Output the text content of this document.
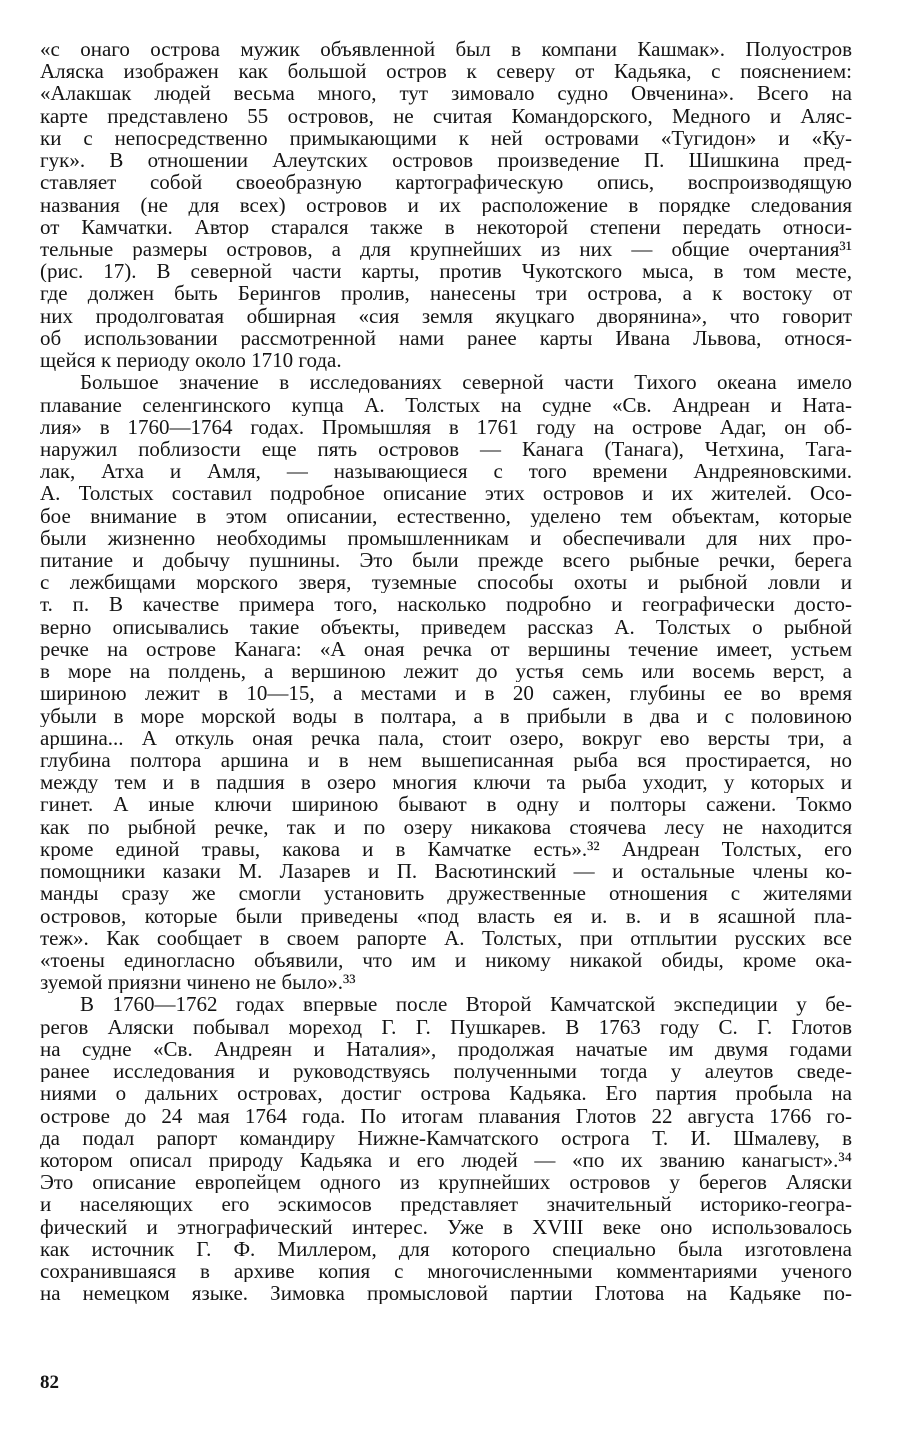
«с онаго острова мужик объявленной был в компани Кашмак». Полуостров
Аляска изображен как большой остров к северу от Кадьяка, с пояснением:
«Алакшак людей весьма много, тут зимовало судно Овченина». Всего на
карте представлено 55 островов, не считая Командорского, Медного и Аляс-
ки с непосредственно примыкающими к ней островами «Тугидон» и «Ку-
гук». В отношении Алеутских островов произведение П. Шишкина пред-
ставляет собой своеобразную картографическую опись, воспроизводящую
названия (не для всех) островов и их расположение в порядке следования
от Камчатки. Автор старался также в некоторой степени передать относи-
тельные размеры островов, а для крупнейших из них — общие очертания³¹
(рис. 17). В северной части карты, против Чукотского мыса, в том месте,
где должен быть Берингов пролив, нанесены три острова, а к востоку от
них продолговатая обширная «сия земля якуцкаго дворянина», что говорит
об использовании рассмотренной нами ранее карты Ивана Львова, относя-
щейся к периоду около 1710 года.
Большое значение в исследованиях северной части Тихого океана имело
плавание селенгинского купца А. Толстых на судне «Св. Андреан и Ната-
лия» в 1760—1764 годах. Промышляя в 1761 году на острове Адаг, он об-
наружил поблизости еще пять островов — Канага (Танага), Четхина, Тага-
лак, Атха и Амля, — называющиеся с того времени Андреяновскими.
А. Толстых составил подробное описание этих островов и их жителей. Осо-
бое внимание в этом описании, естественно, уделено тем объектам, которые
были жизненно необходимы промышленникам и обеспечивали для них про-
питание и добычу пушнины. Это были прежде всего рыбные речки, берега
с лежбищами морского зверя, туземные способы охоты и рыбной ловли и
т. п. В качестве примера того, насколько подробно и географически досто-
верно описывались такие объекты, приведем рассказ А. Толстых о рыбной
речке на острове Канага: «А оная речка от вершины течение имеет, устьем
в море на полдень, а вершиною лежит до устья семь или восемь верст, а
шириною лежит в 10—15, а местами и в 20 сажен, глубины ее во время
убыли в море морской воды в полтара, а в прибыли в два и с половиною
аршина... А откуль оная речка пала, стоит озеро, вокруг ево версты три, а
глубина полтора аршина и в нем вышеписанная рыба вся простирается, но
между тем и в падшия в озеро многия ключи та рыба уходит, у которых и
гинет. А иные ключи шириною бывают в одну и полторы сажени. Токмо
как по рыбной речке, так и по озеру никакова стоячева лесу не находится
кроме единой травы, какова и в Камчатке есть».³² Андреан Толстых, его
помощники казаки М. Лазарев и П. Васютинский — и остальные члены ко-
манды сразу же смогли установить дружественные отношения с жителями
островов, которые были приведены «под власть ея и. в. и в ясашной пла-
теж». Как сообщает в своем рапорте А. Толстых, при отплытии русских все
«тоены единогласно объявили, что им и никому никакой обиды, кроме ока-
зуемой приязни чинено не было».³³
В 1760—1762 годах впервые после Второй Камчатской экспедиции у бе-
регов Аляски побывал мореход Г. Г. Пушкарев. В 1763 году С. Г. Глотов
на судне «Св. Андреян и Наталия», продолжая начатые им двумя годами
ранее исследования и руководствуясь полученными тогда у алеутов сведе-
ниями о дальних островах, достиг острова Кадьяка. Его партия пробыла на
острове до 24 мая 1764 года. По итогам плавания Глотов 22 августа 1766 го-
да подал рапорт командиру Нижне-Камчатского острога Т. И. Шмалеву, в
котором описал природу Кадьяка и его людей — «по их званию канагыст».³⁴
Это описание европейцем одного из крупнейших островов у берегов Аляски
и населяющих его эскимосов представляет значительный историко-геогра-
фический и этнографический интерес. Уже в XVIII веке оно использовалось
как источник Г. Ф. Миллером, для которого специально была изготовлена
сохранившаяся в архиве копия с многочисленными комментариями ученого
на немецком языке. Зимовка промысловой партии Глотова на Кадьяке по-
82
